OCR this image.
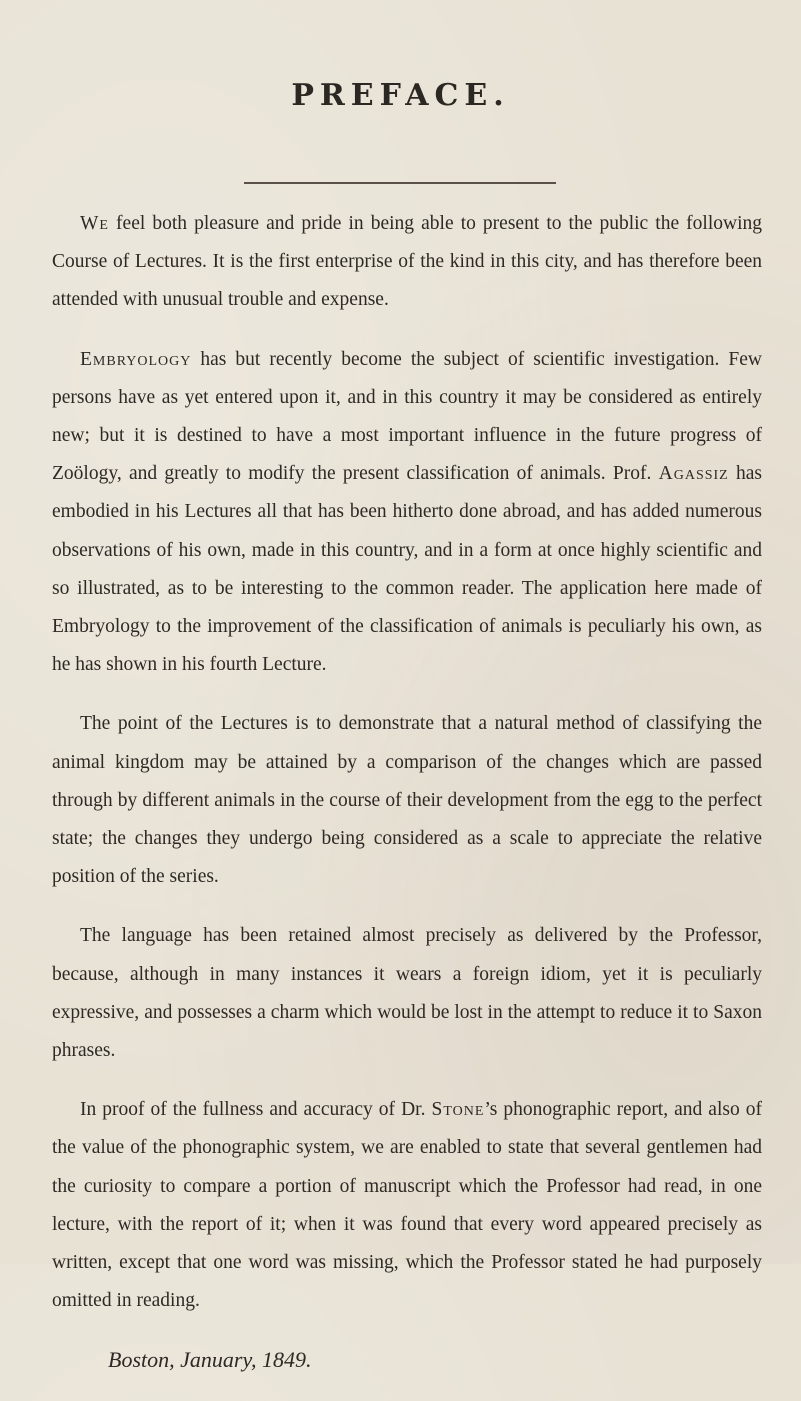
PREFACE.

We feel both pleasure and pride in being able to present to the public the following Course of Lectures. It is the first enterprise of the kind in this city, and has therefore been attended with unusual trouble and expense.

Embryology has but recently become the subject of scientific investigation. Few persons have as yet entered upon it, and in this country it may be considered as entirely new; but it is destined to have a most important influence in the future progress of Zoölogy, and greatly to modify the present classification of animals. Prof. Agassiz has embodied in his Lectures all that has been hitherto done abroad, and has added numerous observations of his own, made in this country, and in a form at once highly scientific and so illustrated, as to be interesting to the common reader. The application here made of Embryology to the improvement of the classification of animals is peculiarly his own, as he has shown in his fourth Lecture.

The point of the Lectures is to demonstrate that a natural method of classifying the animal kingdom may be attained by a comparison of the changes which are passed through by different animals in the course of their development from the egg to the perfect state; the changes they undergo being considered as a scale to appreciate the relative position of the series.

The language has been retained almost precisely as delivered by the Professor, because, although in many instances it wears a foreign idiom, yet it is peculiarly expressive, and possesses a charm which would be lost in the attempt to reduce it to Saxon phrases.

In proof of the fullness and accuracy of Dr. Stone’s phonographic report, and also of the value of the phonographic system, we are enabled to state that several gentlemen had the curiosity to compare a portion of manuscript which the Professor had read, in one lecture, with the report of it; when it was found that every word appeared precisely as written, except that one word was missing, which the Professor stated he had purposely omitted in reading.

Boston, January, 1849.
